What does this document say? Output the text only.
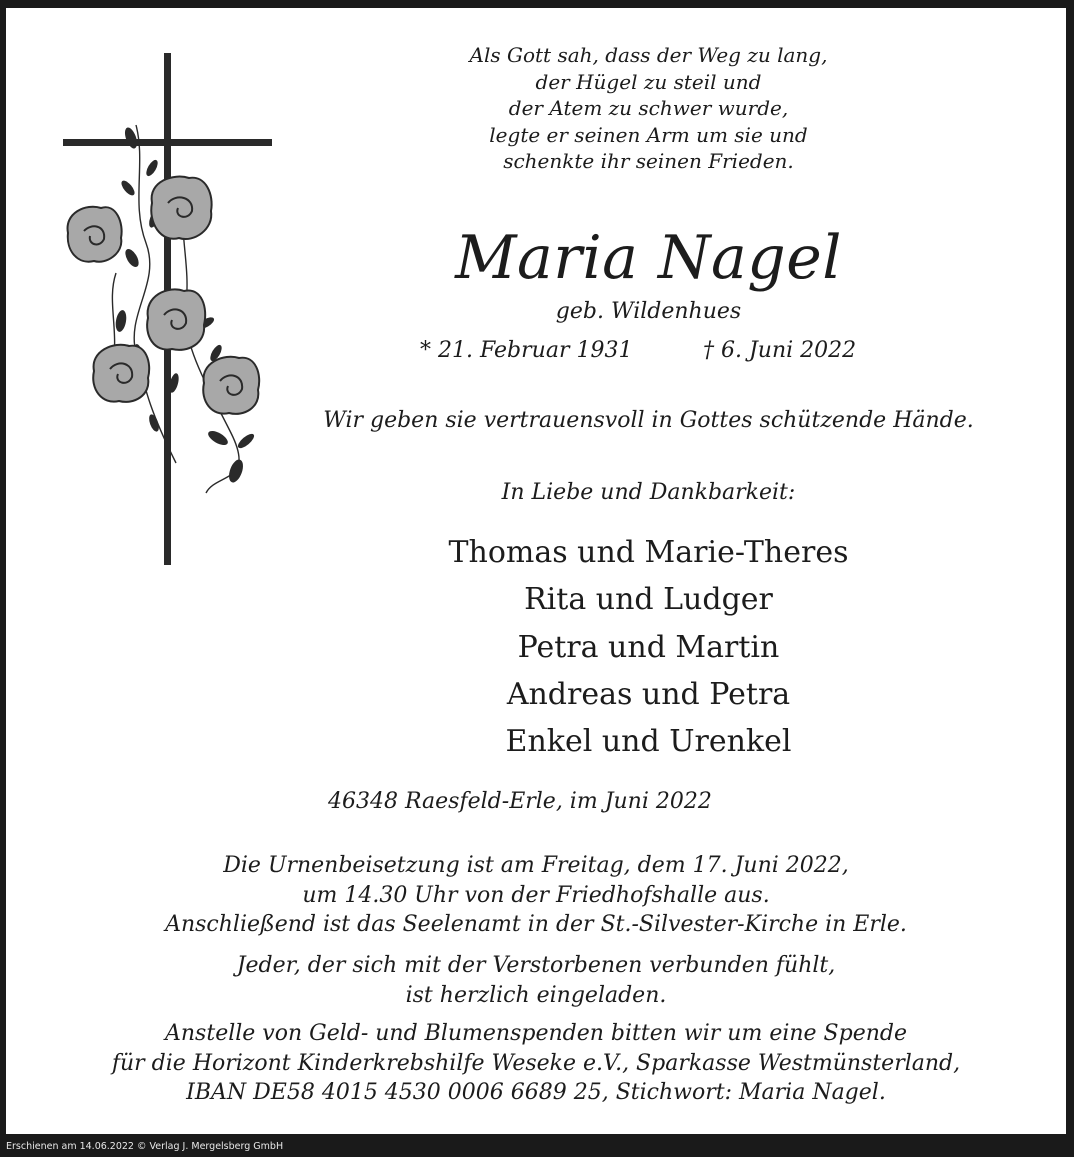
Als Gott sah, dass der Weg zu lang,
der Hügel zu steil und
der Atem zu schwer wurde,
legte er seinen Arm um sie und
schenkte ihr seinen Frieden.
Maria Nagel
geb. Wildenhues
* 21. Februar 1931	† 6. Juni 2022
Wir geben sie vertrauensvoll in Gottes schützende Hände.
In Liebe und Dankbarkeit:
Thomas und Marie-Theres
Rita und Ludger
Petra und Martin
Andreas und Petra
Enkel und Urenkel
46348 Raesfeld-Erle, im Juni 2022
Die Urnenbeisetzung ist am Freitag, dem 17. Juni 2022,
um 14.30 Uhr von der Friedhofshalle aus.
Anschließend ist das Seelenamt in der St.-Silvester-Kirche in Erle.
Jeder, der sich mit der Verstorbenen verbunden fühlt,
ist herzlich eingeladen.
Anstelle von Geld- und Blumenspenden bitten wir um eine Spende
für die Horizont Kinderkrebshilfe Weseke e.V., Sparkasse Westmünsterland,
IBAN DE58 4015 4530 0006 6689 25, Stichwort: Maria Nagel.
Erschienen am 14.06.2022 © Verlag J. Mergelsberg GmbH
